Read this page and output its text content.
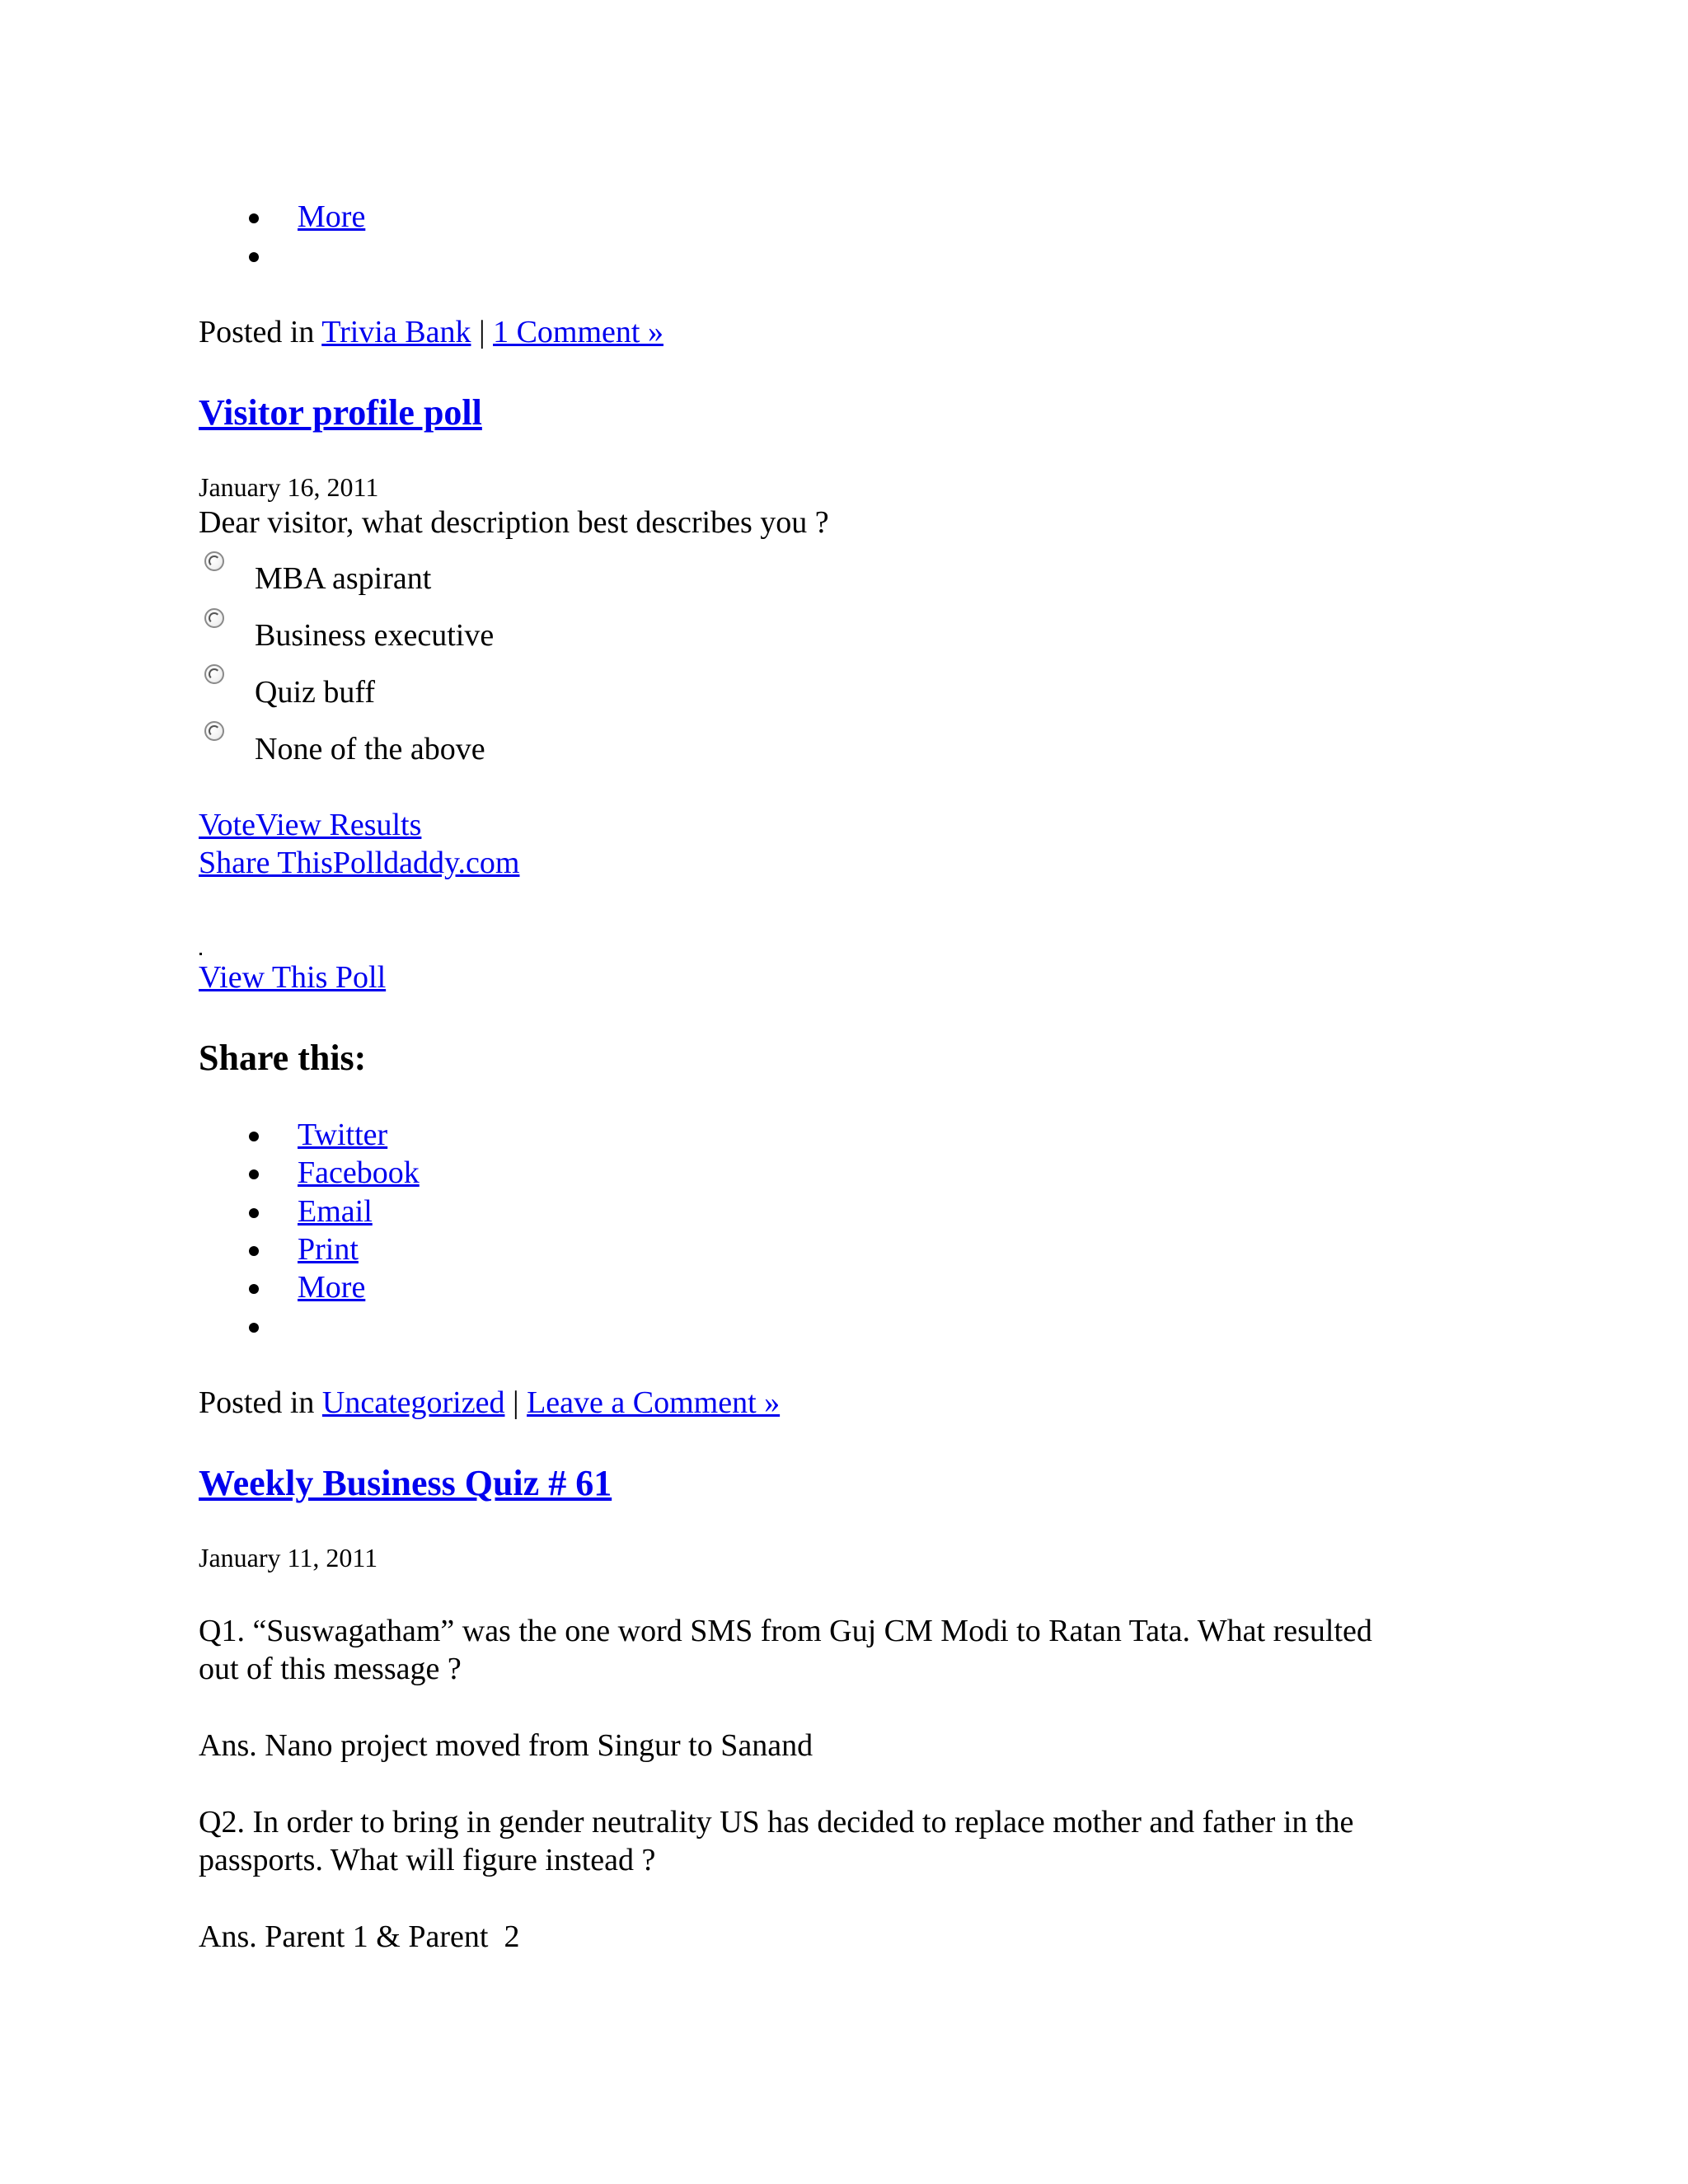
More
Posted in Trivia Bank | 1 Comment »
Visitor profile poll
January 16, 2011
Dear visitor, what description best describes you ?
MBA aspirant
Business executive
Quiz buff
None of the above
VoteView Results
Share ThisPolldaddy.com
View This Poll
Share this:
Twitter
Facebook
Email
Print
More
Posted in Uncategorized | Leave a Comment »
Weekly Business Quiz # 61
January 11, 2011
Q1. “Suswagatham” was the one word SMS from Guj CM Modi to Ratan Tata. What resulted
out of this message ?
Ans. Nano project moved from Singur to Sanand
Q2. In order to bring in gender neutrality US has decided to replace mother and father in the
passports. What will figure instead ?
Ans. Parent 1 & Parent  2
